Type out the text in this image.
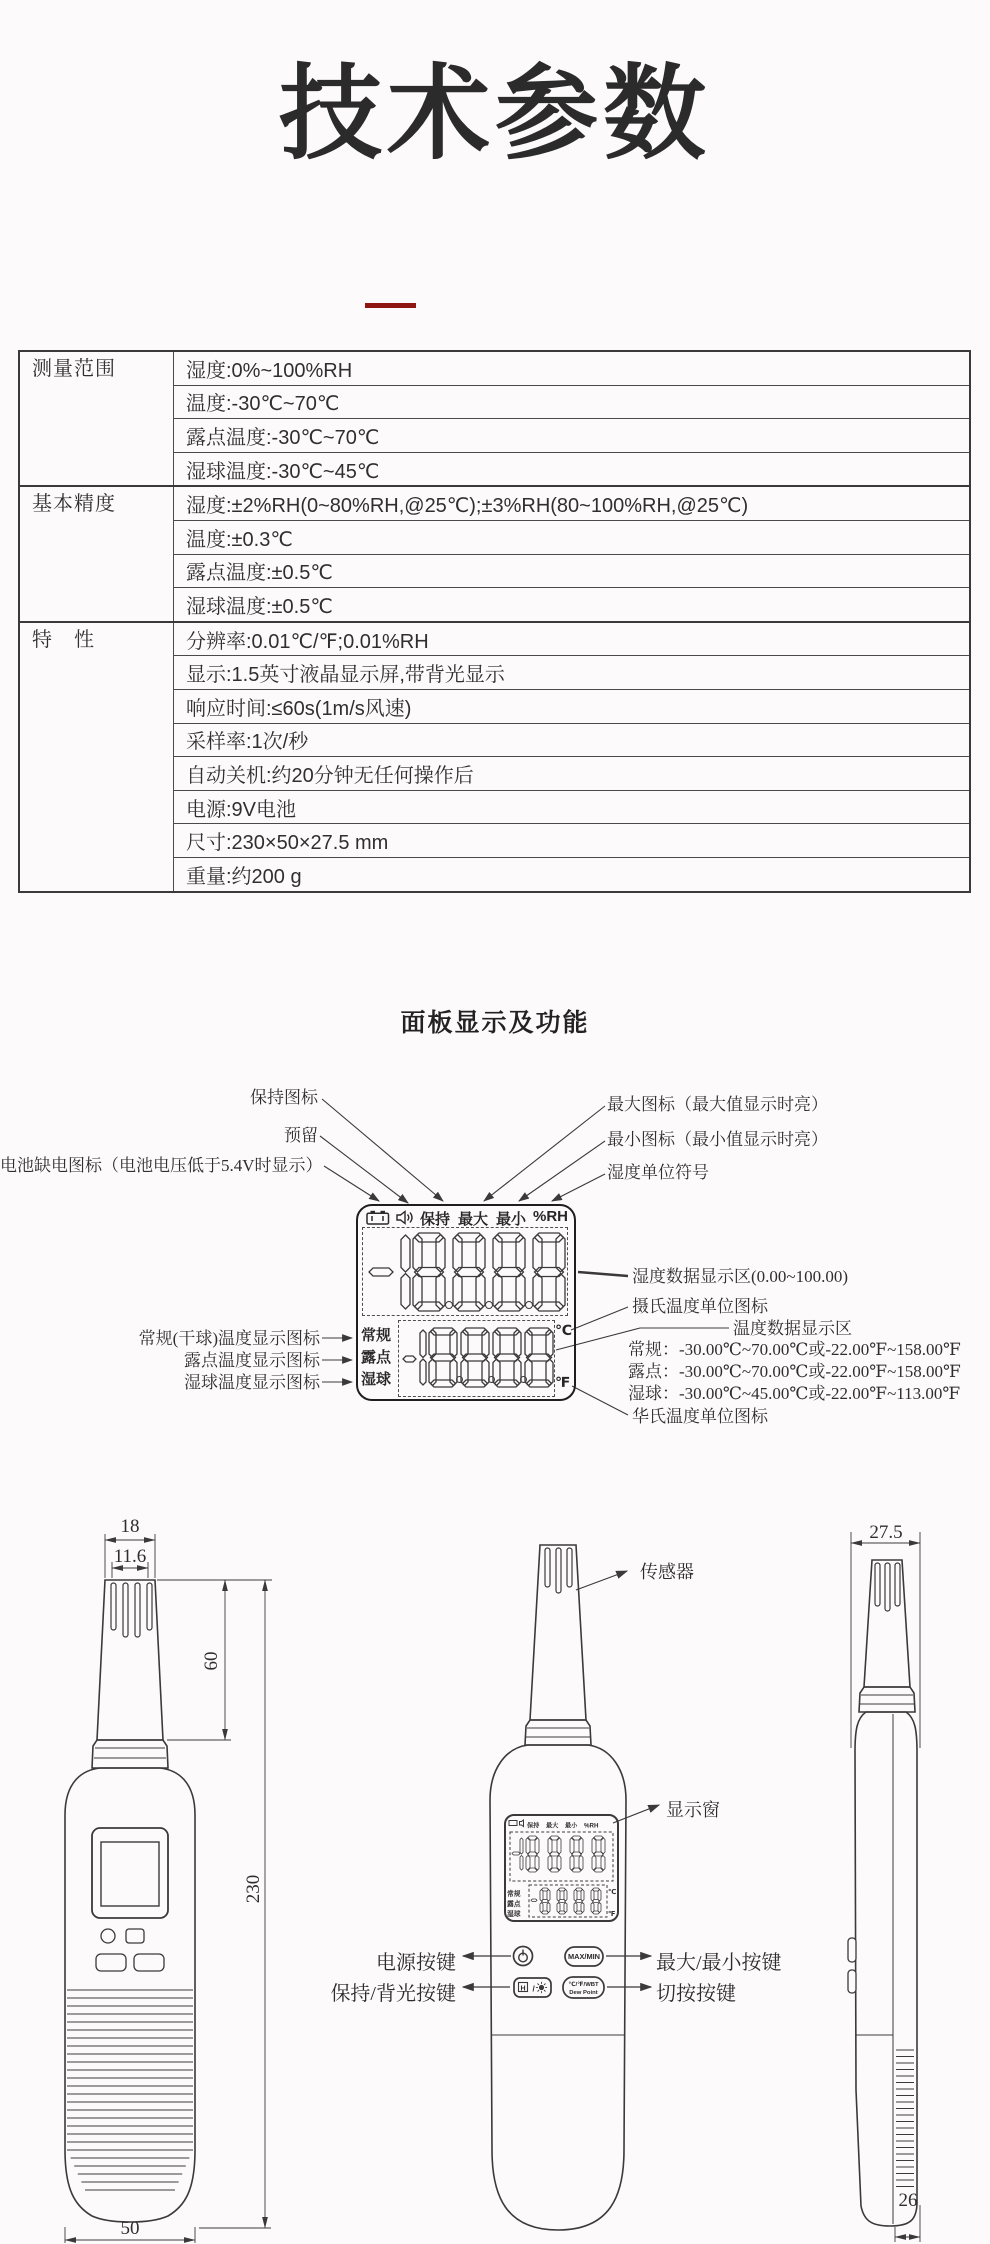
技术参数
测量范围	湿度:0%~100%RH
	温度:-30℃~70℃
	露点温度:-30℃~70℃
	湿球温度:-30℃~45℃
基本精度	湿度:±2%RH(0~80%RH,@25℃);±3%RH(80~100%RH,@25℃)
	温度:±0.3℃
	露点温度:±0.5℃
	湿球温度:±0.5℃
特　性	分辨率:0.01℃/℉;0.01%RH
	显示:1.5英寸液晶显示屏,带背光显示
	响应时间:≤60s(1m/s风速)
	采样率:1次/秒
	自动关机:约20分钟无任何操作后
	电源:9V电池
	尺寸:230×50×27.5 mm
	重量:约200 g
面板显示及功能
保持图标
预留
电池缺电图标（电池电压低于5.4V时显示）
常规(干球)温度显示图标
露点温度显示图标
湿球温度显示图标
最大图标（最大值显示时亮）
最小图标（最小值显示时亮）
湿度单位符号
湿度数据显示区(0.00~100.00)
摄氏温度单位图标
温度数据显示区
常规：-30.00℃~70.00℃或-22.00℉~158.00℉
露点：-30.00℃~70.00℃或-22.00℉~158.00℉
湿球：-30.00℃~45.00℃或-22.00℉~113.00℉
华氏温度单位图标
保持 最大 最小 %RH
常规
露点
湿球
℃
℉
保持 最大 最小 %RH
常规
露点
湿球
℃
℉
MAX/MIN
H /	℃/℉/WBT
Dew Point
18
11.6
60
230
50
27.5
26
传感器
显示窗
电源按键
保持/背光按键
最大/最小按键
切按按键
